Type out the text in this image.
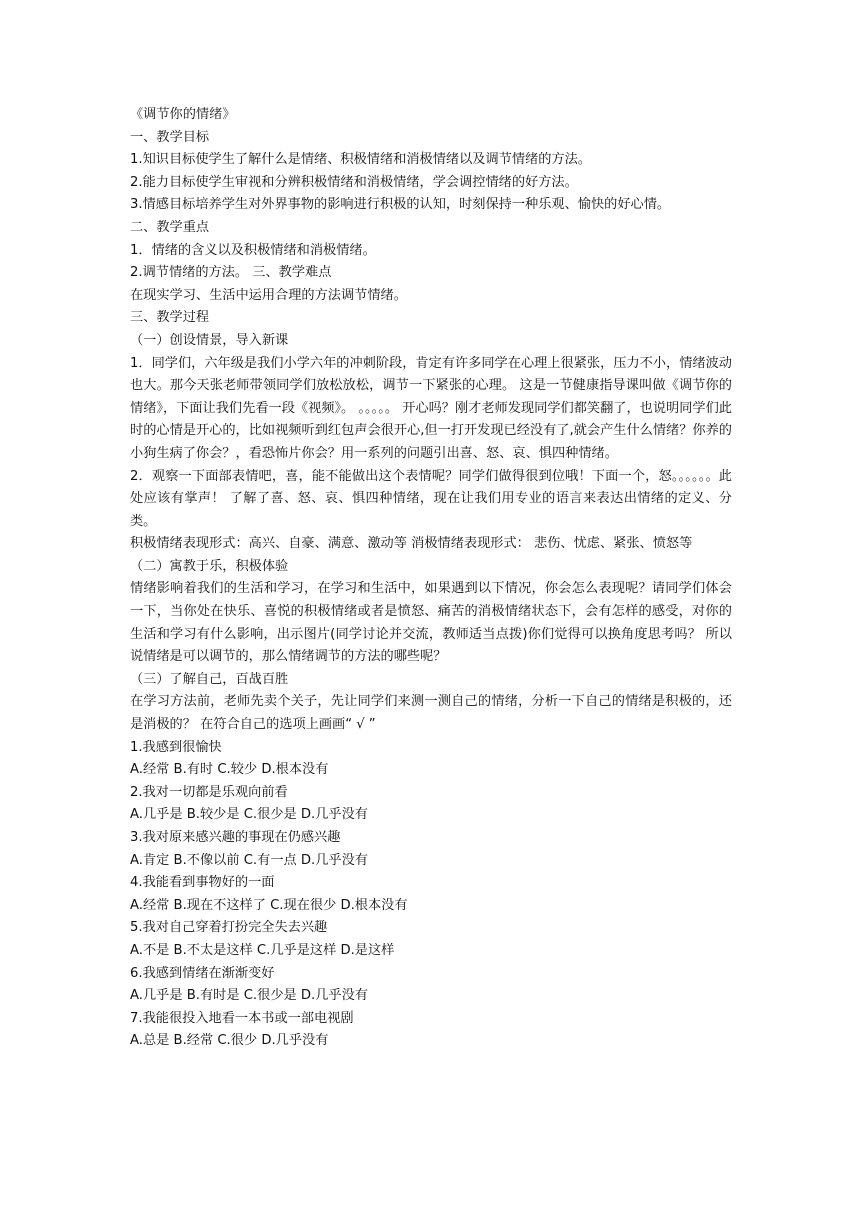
《调节你的情绪》
一、教学目标
1.知识目标使学生了解什么是情绪、积极情绪和消极情绪以及调节情绪的方法。
2.能力目标使学生审视和分辨积极情绪和消极情绪，学会调控情绪的好方法。
3.情感目标培养学生对外界事物的影响进行积极的认知，时刻保持一种乐观、愉快的好心情。
二、教学重点
1．情绪的含义以及积极情绪和消极情绪。
2.调节情绪的方法。 三、教学难点
在现实学习、生活中运用合理的方法调节情绪。
三、教学过程
（一）创设情景，导入新课
1．同学们，六年级是我们小学六年的冲刺阶段，肯定有许多同学在心理上很紧张，压力不小，情绪波动也大。那今天张老师带领同学们放松放松，调节一下紧张的心理。 这是一节健康指导课叫做《调节你的情绪》，下面让我们先看一段《视频》。 。。。。。 开心吗？刚才老师发现同学们都笑翻了，也说明同学们此时的心情是开心的，比如视频听到红包声会很开心,但一打开发现已经没有了,就会产生什么情绪？你养的小狗生病了你会？，看恐怖片你会？用一系列的问题引出喜、怒、哀、惧四种情绪。
2．观察一下面部表情吧，喜，能不能做出这个表情呢？同学们做得很到位哦！下面一个，怒。。。。。。此处应该有掌声！ 了解了喜、怒、哀、惧四种情绪，现在让我们用专业的语言来表达出情绪的定义、分类。
积极情绪表现形式：高兴、自豪、满意、激动等 消极情绪表现形式： 悲伤、忧虑、紧张、愤怒等
（二）寓教于乐，积极体验
情绪影响着我们的生活和学习，在学习和生活中，如果遇到以下情况，你会怎么表现呢？请同学们体会一下，当你处在快乐、喜悦的积极情绪或者是愤怒、痛苦的消极情绪状态下，会有怎样的感受，对你的生活和学习有什么影响，出示图片(同学讨论并交流，教师适当点拨)你们觉得可以换角度思考吗？ 所以说情绪是可以调节的，那么情绪调节的方法的哪些呢？
（三）了解自己，百战百胜
在学习方法前，老师先卖个关子，先让同学们来测一测自己的情绪，分析一下自己的情绪是积极的，还是消极的？ 在符合自己的选项上画画“ √ ”
1.我感到很愉快
A.经常 B.有时 C.较少 D.根本没有
2.我对一切都是乐观向前看
A.几乎是 B.较少是 C.很少是 D.几乎没有
3.我对原来感兴趣的事现在仍感兴趣
A.肯定 B.不像以前 C.有一点 D.几乎没有
4.我能看到事物好的一面
A.经常 B.现在不这样了 C.现在很少 D.根本没有
5.我对自己穿着打扮完全失去兴趣
A.不是 B.不太是这样 C.几乎是这样 D.是这样
6.我感到情绪在渐渐变好
A.几乎是 B.有时是 C.很少是 D.几乎没有
7.我能很投入地看一本书或一部电视剧
A.总是 B.经常 C.很少 D.几乎没有
